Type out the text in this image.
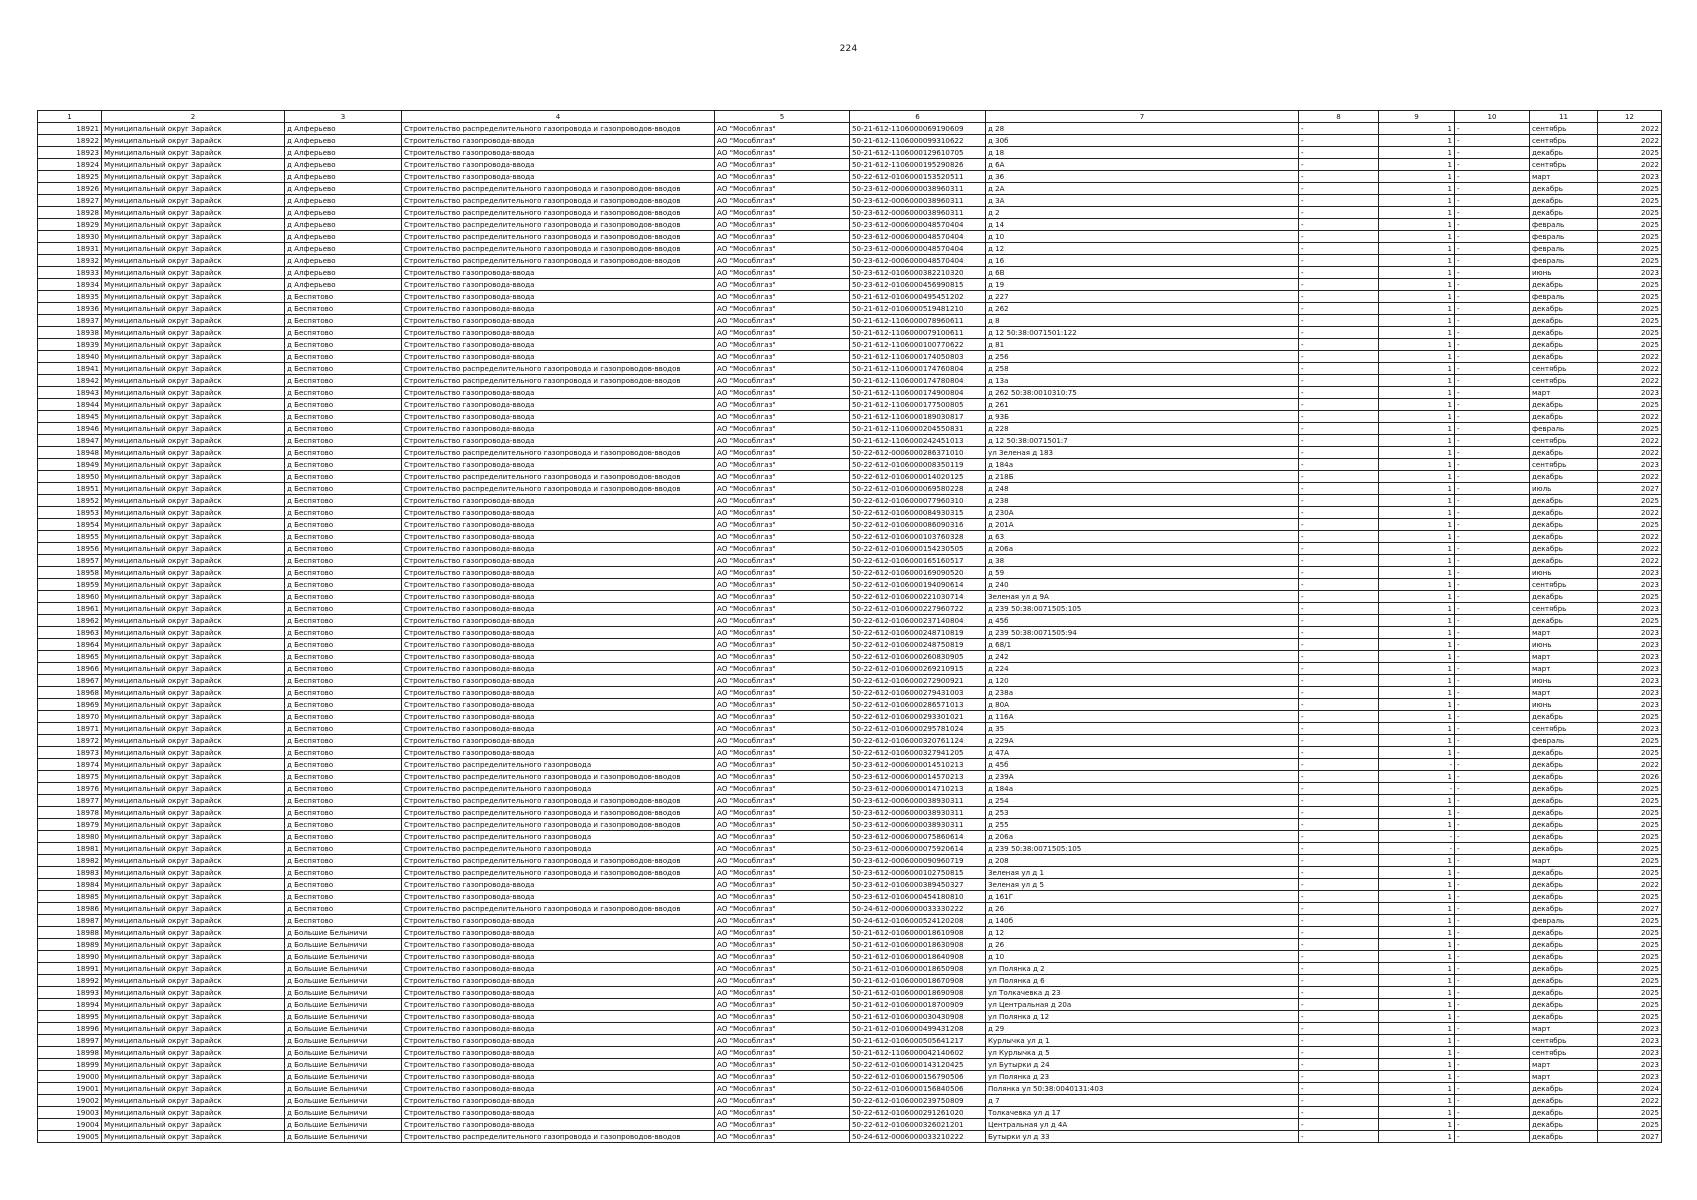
224
1	2	3	4	5	6	7	8	9	10	11	12
18921	Муниципальный округ Зарайск	д Алферьево	Строительство распределительного газопровода и газопроводов-вводов	АО "Мособлгаз"	50-21-612-1106000069190609	д 28	-	1	-	сентябрь	2022
18922	Муниципальный округ Зарайск	д Алферьево	Строительство газопровода-ввода	АО "Мособлгаз"	50-21-612-1106000099310622	д 30б	-	1	-	сентябрь	2022
18923	Муниципальный округ Зарайск	д Алферьево	Строительство газопровода-ввода	АО "Мособлгаз"	50-21-612-1106000129610705	д 18	-	1	-	декабрь	2025
18924	Муниципальный округ Зарайск	д Алферьево	Строительство газопровода-ввода	АО "Мособлгаз"	50-21-612-1106000195290826	д 6А	-	1	-	сентябрь	2022
18925	Муниципальный округ Зарайск	д Алферьево	Строительство газопровода-ввода	АО "Мособлгаз"	50-22-612-0106000153520511	д 36	-	1	-	март	2023
18926	Муниципальный округ Зарайск	д Алферьево	Строительство распределительного газопровода и газопроводов-вводов	АО "Мособлгаз"	50-23-612-0006000038960311	д 2А	-	1	-	декабрь	2025
18927	Муниципальный округ Зарайск	д Алферьево	Строительство распределительного газопровода и газопроводов-вводов	АО "Мособлгаз"	50-23-612-0006000038960311	д 3А	-	1	-	декабрь	2025
18928	Муниципальный округ Зарайск	д Алферьево	Строительство распределительного газопровода и газопроводов-вводов	АО "Мособлгаз"	50-23-612-0006000038960311	д 2	-	1	-	декабрь	2025
18929	Муниципальный округ Зарайск	д Алферьево	Строительство распределительного газопровода и газопроводов-вводов	АО "Мособлгаз"	50-23-612-0006000048570404	д 14	-	1	-	февраль	2025
18930	Муниципальный округ Зарайск	д Алферьево	Строительство распределительного газопровода и газопроводов-вводов	АО "Мособлгаз"	50-23-612-0006000048570404	д 10	-	1	-	февраль	2025
18931	Муниципальный округ Зарайск	д Алферьево	Строительство распределительного газопровода и газопроводов-вводов	АО "Мособлгаз"	50-23-612-0006000048570404	д 12	-	1	-	февраль	2025
18932	Муниципальный округ Зарайск	д Алферьево	Строительство распределительного газопровода и газопроводов-вводов	АО "Мособлгаз"	50-23-612-0006000048570404	д 16	-	1	-	февраль	2025
18933	Муниципальный округ Зарайск	д Алферьево	Строительство газопровода-ввода	АО "Мособлгаз"	50-23-612-0106000382210320	д 6В	-	1	-	июнь	2023
18934	Муниципальный округ Зарайск	д Алферьево	Строительство газопровода-ввода	АО "Мособлгаз"	50-23-612-0106000456990815	д 19	-	1	-	декабрь	2025
18935	Муниципальный округ Зарайск	д Беспятово	Строительство газопровода-ввода	АО "Мособлгаз"	50-21-612-0106000495451202	д 227	-	1	-	февраль	2025
18936	Муниципальный округ Зарайск	д Беспятово	Строительство газопровода-ввода	АО "Мособлгаз"	50-21-612-0106000519481210	д 262	-	1	-	декабрь	2025
18937	Муниципальный округ Зарайск	д Беспятово	Строительство газопровода-ввода	АО "Мособлгаз"	50-21-612-1106000078960611	д 8	-	1	-	декабрь	2025
18938	Муниципальный округ Зарайск	д Беспятово	Строительство газопровода-ввода	АО "Мособлгаз"	50-21-612-1106000079100611	д 12 50:38:0071501:122	-	1	-	декабрь	2025
18939	Муниципальный округ Зарайск	д Беспятово	Строительство газопровода-ввода	АО "Мособлгаз"	50-21-612-1106000100770622	д 81	-	1	-	декабрь	2025
18940	Муниципальный округ Зарайск	д Беспятово	Строительство газопровода-ввода	АО "Мособлгаз"	50-21-612-1106000174050803	д 256	-	1	-	декабрь	2022
18941	Муниципальный округ Зарайск	д Беспятово	Строительство распределительного газопровода и газопроводов-вводов	АО "Мособлгаз"	50-21-612-1106000174760804	д 258	-	1	-	сентябрь	2022
18942	Муниципальный округ Зарайск	д Беспятово	Строительство распределительного газопровода и газопроводов-вводов	АО "Мособлгаз"	50-21-612-1106000174780804	д 13а	-	1	-	сентябрь	2022
18943	Муниципальный округ Зарайск	д Беспятово	Строительство газопровода-ввода	АО "Мособлгаз"	50-21-612-1106000174900804	д 262 50:38:0010310:75	-	1	-	март	2023
18944	Муниципальный округ Зарайск	д Беспятово	Строительство газопровода-ввода	АО "Мособлгаз"	50-21-612-1106000177500805	д 261	-	1	-	декабрь	2025
18945	Муниципальный округ Зарайск	д Беспятово	Строительство газопровода-ввода	АО "Мособлгаз"	50-21-612-1106000189030817	д 93Б	-	1	-	декабрь	2022
18946	Муниципальный округ Зарайск	д Беспятово	Строительство газопровода-ввода	АО "Мособлгаз"	50-21-612-1106000204550831	д 228	-	1	-	февраль	2025
18947	Муниципальный округ Зарайск	д Беспятово	Строительство газопровода-ввода	АО "Мособлгаз"	50-21-612-1106000242451013	д 12 50:38:0071501:7	-	1	-	сентябрь	2022
18948	Муниципальный округ Зарайск	д Беспятово	Строительство распределительного газопровода и газопроводов-вводов	АО "Мособлгаз"	50-22-612-0006000286371010	ул Зеленая д 183	-	1	-	декабрь	2022
18949	Муниципальный округ Зарайск	д Беспятово	Строительство газопровода-ввода	АО "Мособлгаз"	50-22-612-0106000008350119	д 184а	-	1	-	сентябрь	2023
18950	Муниципальный округ Зарайск	д Беспятово	Строительство распределительного газопровода и газопроводов-вводов	АО "Мособлгаз"	50-22-612-0106000014020125	д 218Б	-	1	-	декабрь	2022
18951	Муниципальный округ Зарайск	д Беспятово	Строительство распределительного газопровода и газопроводов-вводов	АО "Мособлгаз"	50-22-612-0106000069580228	д 248	-	1	-	июль	2027
18952	Муниципальный округ Зарайск	д Беспятово	Строительство газопровода-ввода	АО "Мособлгаз"	50-22-612-0106000077960310	д 238	-	1	-	декабрь	2025
18953	Муниципальный округ Зарайск	д Беспятово	Строительство газопровода-ввода	АО "Мособлгаз"	50-22-612-0106000084930315	д 230А	-	1	-	декабрь	2022
18954	Муниципальный округ Зарайск	д Беспятово	Строительство газопровода-ввода	АО "Мособлгаз"	50-22-612-0106000086090316	д 201А	-	1	-	декабрь	2025
18955	Муниципальный округ Зарайск	д Беспятово	Строительство газопровода-ввода	АО "Мособлгаз"	50-22-612-0106000103760328	д 63	-	1	-	декабрь	2022
18956	Муниципальный округ Зарайск	д Беспятово	Строительство газопровода-ввода	АО "Мособлгаз"	50-22-612-0106000154230505	д 206а	-	1	-	декабрь	2022
18957	Муниципальный округ Зарайск	д Беспятово	Строительство газопровода-ввода	АО "Мособлгаз"	50-22-612-0106000165160517	д 38	-	1	-	декабрь	2022
18958	Муниципальный округ Зарайск	д Беспятово	Строительство газопровода-ввода	АО "Мособлгаз"	50-22-612-0106000169090520	д 59	-	1	-	июнь	2023
18959	Муниципальный округ Зарайск	д Беспятово	Строительство газопровода-ввода	АО "Мособлгаз"	50-22-612-0106000194090614	д 240	-	1	-	сентябрь	2023
18960	Муниципальный округ Зарайск	д Беспятово	Строительство газопровода-ввода	АО "Мособлгаз"	50-22-612-0106000221030714	Зеленая ул д 9А	-	1	-	декабрь	2025
18961	Муниципальный округ Зарайск	д Беспятово	Строительство газопровода-ввода	АО "Мособлгаз"	50-22-612-0106000227960722	д 239 50:38:0071505:105	-	1	-	сентябрь	2023
18962	Муниципальный округ Зарайск	д Беспятово	Строительство газопровода-ввода	АО "Мособлгаз"	50-22-612-0106000237140804	д 45б	-	1	-	декабрь	2025
18963	Муниципальный округ Зарайск	д Беспятово	Строительство газопровода-ввода	АО "Мособлгаз"	50-22-612-0106000248710819	д 239 50:38:0071505:94	-	1	-	март	2023
18964	Муниципальный округ Зарайск	д Беспятово	Строительство газопровода-ввода	АО "Мособлгаз"	50-22-612-0106000248750819	д 68/1	-	1	-	июнь	2023
18965	Муниципальный округ Зарайск	д Беспятово	Строительство газопровода-ввода	АО "Мособлгаз"	50-22-612-0106000260830905	д 242	-	1	-	март	2023
18966	Муниципальный округ Зарайск	д Беспятово	Строительство газопровода-ввода	АО "Мособлгаз"	50-22-612-0106000269210915	д 224	-	1	-	март	2023
18967	Муниципальный округ Зарайск	д Беспятово	Строительство газопровода-ввода	АО "Мособлгаз"	50-22-612-0106000272900921	д 120	-	1	-	июнь	2023
18968	Муниципальный округ Зарайск	д Беспятово	Строительство газопровода-ввода	АО "Мособлгаз"	50-22-612-0106000279431003	д 238а	-	1	-	март	2023
18969	Муниципальный округ Зарайск	д Беспятово	Строительство газопровода-ввода	АО "Мособлгаз"	50-22-612-0106000286571013	д 80А	-	1	-	июнь	2023
18970	Муниципальный округ Зарайск	д Беспятово	Строительство газопровода-ввода	АО "Мособлгаз"	50-22-612-0106000293301021	д 116А	-	1	-	декабрь	2025
18971	Муниципальный округ Зарайск	д Беспятово	Строительство газопровода-ввода	АО "Мособлгаз"	50-22-612-0106000295781024	д 35	-	1	-	сентябрь	2023
18972	Муниципальный округ Зарайск	д Беспятово	Строительство газопровода-ввода	АО "Мособлгаз"	50-22-612-0106000320761124	д 229А	-	1	-	февраль	2025
18973	Муниципальный округ Зарайск	д Беспятово	Строительство газопровода-ввода	АО "Мособлгаз"	50-22-612-0106000327941205	д 47А	-	1	-	декабрь	2025
18974	Муниципальный округ Зарайск	д Беспятово	Строительство распределительного газопровода	АО "Мособлгаз"	50-23-612-0006000014510213	д 45б	-	-	-	декабрь	2022
18975	Муниципальный округ Зарайск	д Беспятово	Строительство распределительного газопровода и газопроводов-вводов	АО "Мособлгаз"	50-23-612-0006000014570213	д 239А	-	1	-	декабрь	2026
18976	Муниципальный округ Зарайск	д Беспятово	Строительство распределительного газопровода	АО "Мособлгаз"	50-23-612-0006000014710213	д 184а	-	-	-	декабрь	2025
18977	Муниципальный округ Зарайск	д Беспятово	Строительство распределительного газопровода и газопроводов-вводов	АО "Мособлгаз"	50-23-612-0006000038930311	д 254	-	1	-	декабрь	2025
18978	Муниципальный округ Зарайск	д Беспятово	Строительство распределительного газопровода и газопроводов-вводов	АО "Мособлгаз"	50-23-612-0006000038930311	д 253	-	1	-	декабрь	2025
18979	Муниципальный округ Зарайск	д Беспятово	Строительство распределительного газопровода и газопроводов-вводов	АО "Мособлгаз"	50-23-612-0006000038930311	д 255	-	1	-	декабрь	2025
18980	Муниципальный округ Зарайск	д Беспятово	Строительство распределительного газопровода	АО "Мособлгаз"	50-23-612-0006000075860614	д 206а	-	-	-	декабрь	2025
18981	Муниципальный округ Зарайск	д Беспятово	Строительство распределительного газопровода	АО "Мособлгаз"	50-23-612-0006000075920614	д 239 50:38:0071505:105	-	-	-	декабрь	2025
18982	Муниципальный округ Зарайск	д Беспятово	Строительство распределительного газопровода и газопроводов-вводов	АО "Мособлгаз"	50-23-612-0006000090960719	д 208	-	1	-	март	2025
18983	Муниципальный округ Зарайск	д Беспятово	Строительство распределительного газопровода и газопроводов-вводов	АО "Мособлгаз"	50-23-612-0006000102750815	Зеленая ул д 1	-	1	-	декабрь	2025
18984	Муниципальный округ Зарайск	д Беспятово	Строительство газопровода-ввода	АО "Мособлгаз"	50-23-612-0106000389450327	Зеленая ул д 5	-	1	-	декабрь	2022
18985	Муниципальный округ Зарайск	д Беспятово	Строительство газопровода-ввода	АО "Мособлгаз"	50-23-612-0106000454180810	д 161Г	-	1	-	декабрь	2025
18986	Муниципальный округ Зарайск	д Беспятово	Строительство распределительного газопровода и газопроводов-вводов	АО "Мособлгаз"	50-24-612-0006000033330222	д 26	-	1	-	декабрь	2027
18987	Муниципальный округ Зарайск	д Беспятово	Строительство газопровода-ввода	АО "Мособлгаз"	50-24-612-0106000524120208	д 140б	-	1	-	февраль	2025
18988	Муниципальный округ Зарайск	д Большие Белыничи	Строительство газопровода-ввода	АО "Мособлгаз"	50-21-612-0106000018610908	д 12	-	1	-	декабрь	2025
18989	Муниципальный округ Зарайск	д Большие Белыничи	Строительство газопровода-ввода	АО "Мособлгаз"	50-21-612-0106000018630908	д 26	-	1	-	декабрь	2025
18990	Муниципальный округ Зарайск	д Большие Белыничи	Строительство газопровода-ввода	АО "Мособлгаз"	50-21-612-0106000018640908	д 10	-	1	-	декабрь	2025
18991	Муниципальный округ Зарайск	д Большие Белыничи	Строительство газопровода-ввода	АО "Мособлгаз"	50-21-612-0106000018650908	ул Полянка д 2	-	1	-	декабрь	2025
18992	Муниципальный округ Зарайск	д Большие Белыничи	Строительство газопровода-ввода	АО "Мособлгаз"	50-21-612-0106000018670908	ул Полянка д 6	-	1	-	декабрь	2025
18993	Муниципальный округ Зарайск	д Большие Белыничи	Строительство газопровода-ввода	АО "Мособлгаз"	50-21-612-0106000018690908	ул Толкачевка д 23	-	1	-	декабрь	2025
18994	Муниципальный округ Зарайск	д Большие Белыничи	Строительство газопровода-ввода	АО "Мособлгаз"	50-21-612-0106000018700909	ул Центральная д 20а	-	1	-	декабрь	2025
18995	Муниципальный округ Зарайск	д Большие Белыничи	Строительство газопровода-ввода	АО "Мособлгаз"	50-21-612-0106000030430908	ул Полянка д 12	-	1	-	декабрь	2025
18996	Муниципальный округ Зарайск	д Большие Белыничи	Строительство газопровода-ввода	АО "Мособлгаз"	50-21-612-0106000499431208	д 29	-	1	-	март	2023
18997	Муниципальный округ Зарайск	д Большие Белыничи	Строительство газопровода-ввода	АО "Мособлгаз"	50-21-612-0106000505641217	Курлычка ул д 1	-	1	-	сентябрь	2023
18998	Муниципальный округ Зарайск	д Большие Белыничи	Строительство газопровода-ввода	АО "Мособлгаз"	50-21-612-1106000042140602	ул Курлычка д 5	-	1	-	сентябрь	2023
18999	Муниципальный округ Зарайск	д Большие Белыничи	Строительство газопровода-ввода	АО "Мособлгаз"	50-22-612-0106000143120425	ул Бутырки д 24	-	1	-	март	2023
19000	Муниципальный округ Зарайск	д Большие Белыничи	Строительство газопровода-ввода	АО "Мособлгаз"	50-22-612-0106000156790506	ул Полянка д 23	-	1	-	март	2023
19001	Муниципальный округ Зарайск	д Большие Белыничи	Строительство газопровода-ввода	АО "Мособлгаз"	50-22-612-0106000156840506	Полянка ул 50:38:0040131:403	-	1	-	декабрь	2024
19002	Муниципальный округ Зарайск	д Большие Белыничи	Строительство газопровода-ввода	АО "Мособлгаз"	50-22-612-0106000239750809	д 7	-	1	-	декабрь	2022
19003	Муниципальный округ Зарайск	д Большие Белыничи	Строительство газопровода-ввода	АО "Мособлгаз"	50-22-612-0106000291261020	Толкачевка ул д 17	-	1	-	декабрь	2025
19004	Муниципальный округ Зарайск	д Большие Белыничи	Строительство газопровода-ввода	АО "Мособлгаз"	50-22-612-0106000326021201	Центральная ул д 4А	-	1	-	декабрь	2025
19005	Муниципальный округ Зарайск	д Большие Белыничи	Строительство распределительного газопровода и газопроводов-вводов	АО "Мособлгаз"	50-24-612-0006000033210222	Бутырки ул д 33	-	1	-	декабрь	2027
